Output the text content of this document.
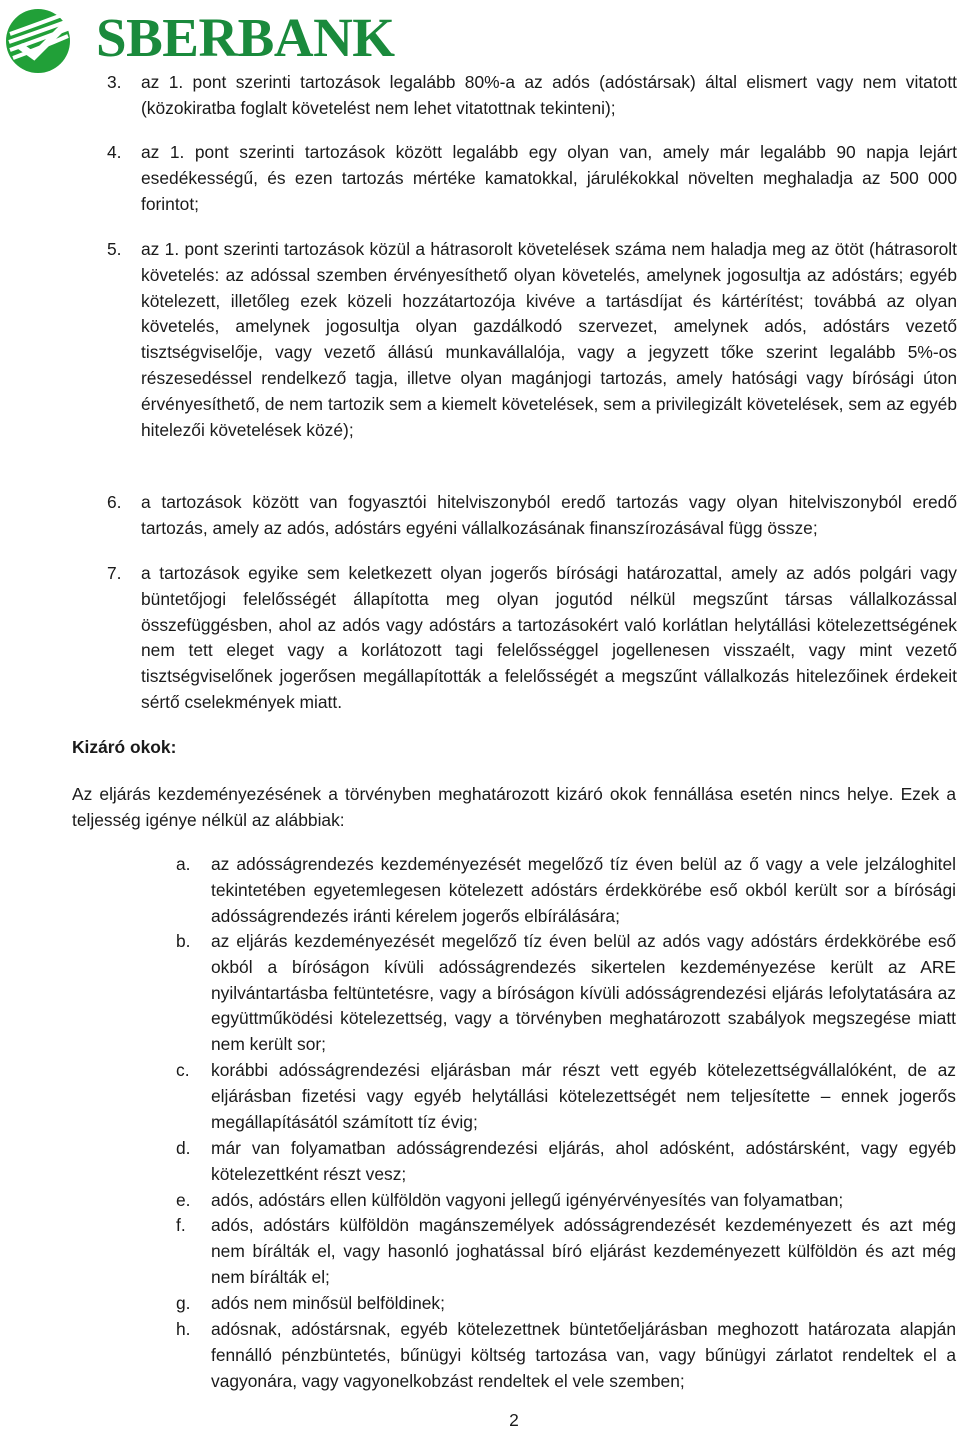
SBERBANK
3. az 1. pont szerinti tartozások legalább 80%-a az adós (adóstársak) által elismert vagy nem vitatott (közokiratba foglalt követelést nem lehet vitatottnak tekinteni);
4. az 1. pont szerinti tartozások között legalább egy olyan van, amely már legalább 90 napja lejárt esedékességű, és ezen tartozás mértéke kamatokkal, járulékokkal növelten meghaladja az 500 000 forintot;
5. az 1. pont szerinti tartozások közül a hátrasorolt követelések száma nem haladja meg az ötöt (hátrasorolt követelés: az adóssal szemben érvényesíthető olyan követelés, amelynek jogosultja az adóstárs; egyéb kötelezett, illetőleg ezek közeli hozzátartozója kivéve a tartásdíjat és kártérítést; továbbá az olyan követelés, amelynek jogosultja olyan gazdálkodó szervezet, amelynek adós, adóstárs vezető tisztségviselője, vagy vezető állású munkavállalója, vagy a jegyzett tőke szerint legalább 5%-os részesedéssel rendelkező tagja, illetve olyan magánjogi tartozás, amely hatósági vagy bírósági úton érvényesíthető, de nem tartozik sem a kiemelt követelések, sem a privilegizált követelések, sem az egyéb hitelezői követelések közé);
6. a tartozások között van fogyasztói hitelviszonyból eredő tartozás vagy olyan hitelviszonyból eredő tartozás, amely az adós, adóstárs egyéni vállalkozásának finanszírozásával függ össze;
7. a tartozások egyike sem keletkezett olyan jogerős bírósági határozattal, amely az adós polgári vagy büntetőjogi felelősségét állapította meg olyan jogutód nélkül megszűnt társas vállalkozással összefüggésben, ahol az adós vagy adóstárs a tartozásokért való korlátlan helytállási kötelezettségének nem tett eleget vagy a korlátozott tagi felelősséggel jogellenesen visszaélt, vagy mint vezető tisztségviselőnek jogerősen megállapították a felelősségét a megszűnt vállalkozás hitelezőinek érdekeit sértő cselekmények miatt.
Kizáró okok:
Az eljárás kezdeményezésének a törvényben meghatározott kizáró okok fennállása esetén nincs helye. Ezek a teljesség igénye nélkül az alábbiak:
a. az adósságrendezés kezdeményezését megelőző tíz éven belül az ő vagy a vele jelzáloghitel tekintetében egyetemlegesen kötelezett adóstárs érdekkörébe eső okból került sor a bírósági adósságrendezés iránti kérelem jogerős elbírálására;
b. az eljárás kezdeményezését megelőző tíz éven belül az adós vagy adóstárs érdekkörébe eső okból a bíróságon kívüli adósságrendezés sikertelen kezdeményezése került az ARE nyilvántartásba feltüntetésre, vagy a bíróságon kívüli adósságrendezési eljárás lefolytatására az együttműködési kötelezettség, vagy a törvényben meghatározott szabályok megszegése miatt nem került sor;
c. korábbi adósságrendezési eljárásban már részt vett egyéb kötelezettségvállalóként, de az eljárásban fizetési vagy egyéb helytállási kötelezettségét nem teljesítette – ennek jogerős megállapításától számított tíz évig;
d. már van folyamatban adósságrendezési eljárás, ahol adósként, adóstársként, vagy egyéb kötelezettként részt vesz;
e. adós, adóstárs ellen külföldön vagyoni jellegű igényérvényesítés van folyamatban;
f. adós, adóstárs külföldön magánszemélyek adósságrendezését kezdeményezett és azt még nem bírálták el, vagy hasonló joghatással bíró eljárást kezdeményezett külföldön és azt még nem bírálták el;
g. adós nem minősül belföldinek;
h. adósnak, adóstársnak, egyéb kötelezettnek büntetőeljárásban meghozott határozata alapján fennálló pénzbüntetés, bűnügyi költség tartozása van, vagy bűnügyi zárlatot rendeltek el a vagyonára, vagy vagyonelkobzást rendeltek el vele szemben;
2
